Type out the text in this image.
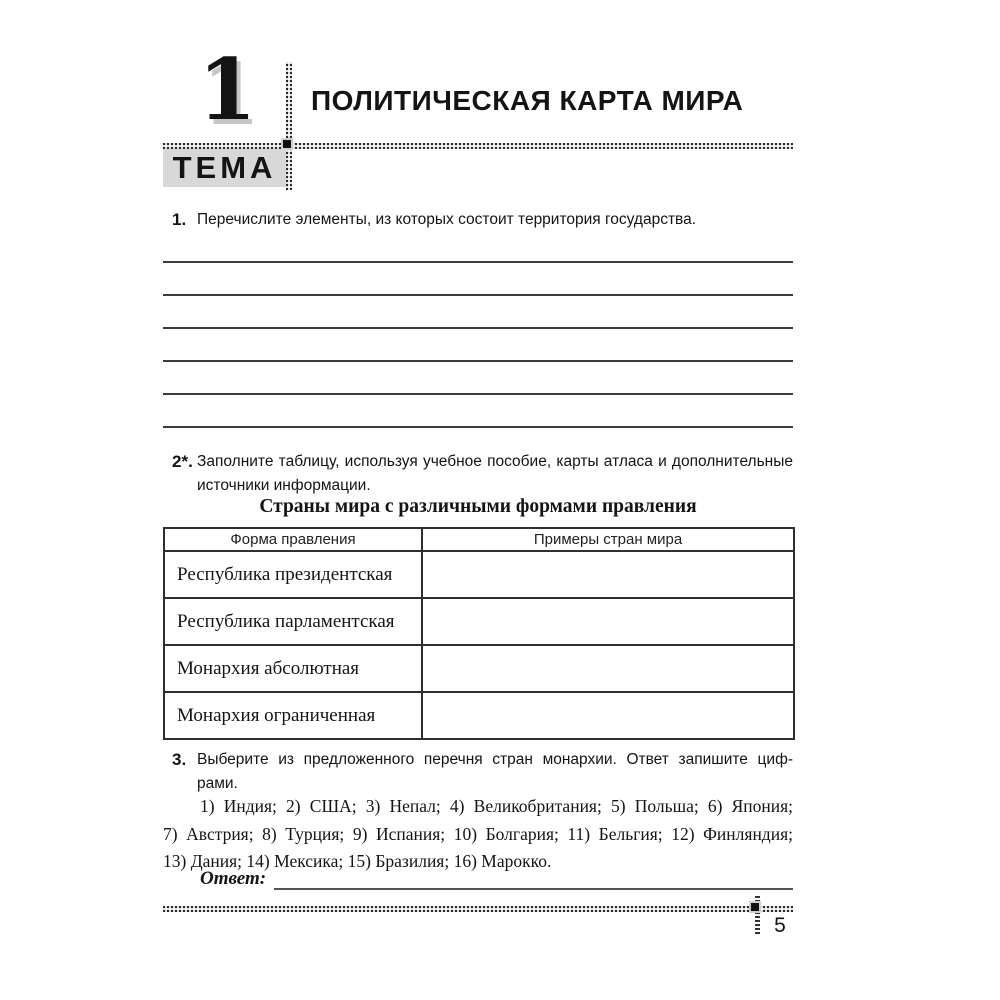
1 ПОЛИТИЧЕСКАЯ КАРТА МИРА
ТЕМА
1. Перечислите элементы, из которых состоит территория государства.
2*. Заполните таблицу, используя учебное пособие, карты атласа и дополнительные
источники информации.
Страны мира с различными формами правления
Форма правления	Примеры стран мира
Республика президентская	
Республика парламентская	
Монархия абсолютная	
Монархия ограниченная	
3. Выберите из предложенного перечня стран монархии. Ответ запишите циф-
рами.
1) Индия; 2) США; 3) Непал; 4) Великобритания; 5) Польша; 6) Япония;
7) Австрия; 8) Турция; 9) Испания; 10) Болгария; 11) Бельгия; 12) Финляндия;
13) Дания; 14) Мексика; 15) Бразилия; 16) Марокко.
Ответ:
5
